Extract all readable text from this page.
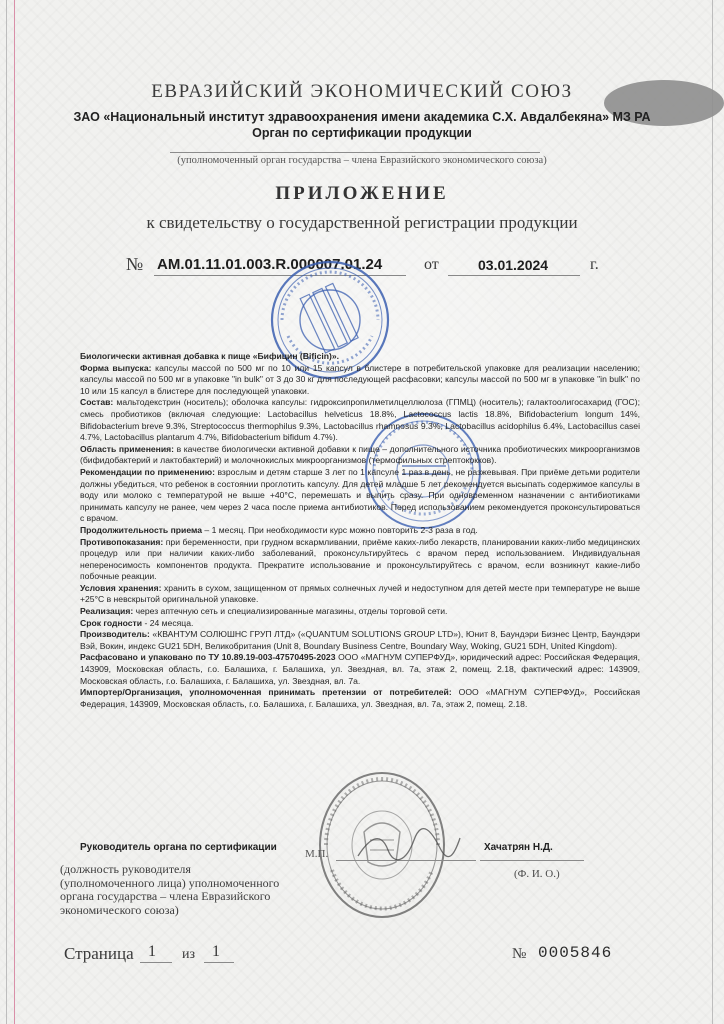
ЕВРАЗИЙСКИЙ ЭКОНОМИЧЕСКИЙ СОЮЗ
ЗАО «Национальный институт здравоохранения имени академика С.Х. Авдалбекяна» МЗ РА
Орган по сертификации продукции
(уполномоченный орган государства – члена Евразийского экономического союза)
ПРИЛОЖЕНИЕ
к свидетельству о государственной регистрации продукции
№ AM.01.11.01.003.R.000007.01.24	от	03.01.2024	г.

Биологически активная добавка к пище «Бифицин (Bificin)».

Форма выпуска: капсулы массой по 500 мг по 10 или 15 капсул в блистере в потребительской упаковке для реализации населению; капсулы массой по 500 мг в упаковке "in bulk" от 3 до 30 кг для последующей расфасовки; капсулы массой по 500 мг в упаковке "in bulk" по 10 или 15 капсул в блистере для последующей упаковки.

Состав: мальтодекстрин (носитель); оболочка капсулы: гидроксипропилметилцеллюлоза (ГПМЦ) (носитель); галактоолигосахарид (ГОС); смесь пробиотиков (включая следующие: Lactobacillus helveticus 18.8%, Lactococcus lactis 18.8%, Bifidobacterium longum 14%, Bifidobacterium breve 9.3%, Streptococcus thermophilus 9.3%, Lactobacillus rhamnosus 9.3%, Lactobacillus acidophilus 6.4%, Lactobacillus casei 4.7%, Lactobacillus plantarum 4.7%, Bifidobacterium bifidum 4.7%).

Область применения: в качестве биологически активной добавки к пище – дополнительного источника пробиотических микроорганизмов (бифидобактерий и лактобактерий) и молочнокислых микроорганизмов (термофильных стрептококков).

Рекомендации по применению: взрослым и детям старше 3 лет по 1 капсуле 1 раз в день, не разжевывая. При приёме детьми родители должны убедиться, что ребенок в состоянии проглотить капсулу. Для детей младше 5 лет рекомендуется высыпать содержимое капсулы в воду или молоко с температурой не выше +40°С, перемешать и выпить сразу. При одновременном назначении с антибиотиками принимать капсулу не ранее, чем через 2 часа после приема антибиотиков. Перед использованием рекомендуется проконсультироваться с врачом.

Продолжительность приема – 1 месяц. При необходимости курс можно повторить 2-3 раза в год.

Противопоказания: при беременности, при грудном вскармливании, приёме каких-либо лекарств, планировании каких-либо медицинских процедур или при наличии каких-либо заболеваний, проконсультируйтесь с врачом перед использованием. Индивидуальная непереносимость компонентов продукта. Прекратите использование и проконсультируйтесь с врачом, если возникнут какие-либо побочные реакции.

Условия хранения: хранить в сухом, защищенном от прямых солнечных лучей и недоступном для детей месте при температуре не выше +25°С в невскрытой оригинальной упаковке.

Реализация: через аптечную сеть и специализированные магазины, отделы торговой сети.

Срок годности - 24 месяца.

Производитель: «КВАНТУМ СОЛЮШНС ГРУП ЛТД» («QUANTUM SOLUTIONS GROUP LTD»), Юнит 8, Баундэри Бизнес Центр, Баундэри Вэй, Вокин, индекс GU21 5DH, Великобритания (Unit 8, Boundary Business Centre, Boundary Way, Woking, GU21 5DH, United Kingdom).

Расфасовано и упаковано по ТУ 10.89.19-003-47570495-2023 ООО «МАГНУМ СУПЕРФУД», юридический адрес: Российская Федерация, 143909, Московская область, г.о. Балашиха, г. Балашиха, ул. Звездная, вл. 7а, этаж 2, помещ. 2.18, фактический адрес: 143909, Московская область, г.о. Балашиха, г. Балашиха, ул. Звездная, вл. 7а.

Импортер/Организация, уполномоченная принимать претензии от потребителей: ООО «МАГНУМ СУПЕРФУД», Российская Федерация, 143909, Московская область, г.о. Балашиха, г. Балашиха, ул. Звездная, вл. 7а, этаж 2, помещ. 2.18.

Руководитель органа по сертификации
М.П.
Хачатрян Н.Д.
(должность руководителя
(уполномоченного лица) уполномоченного
органа государства – члена Евразийского
экономического союза)
(Ф. И. О.)
Страница 1 из 1	№ 0005846
